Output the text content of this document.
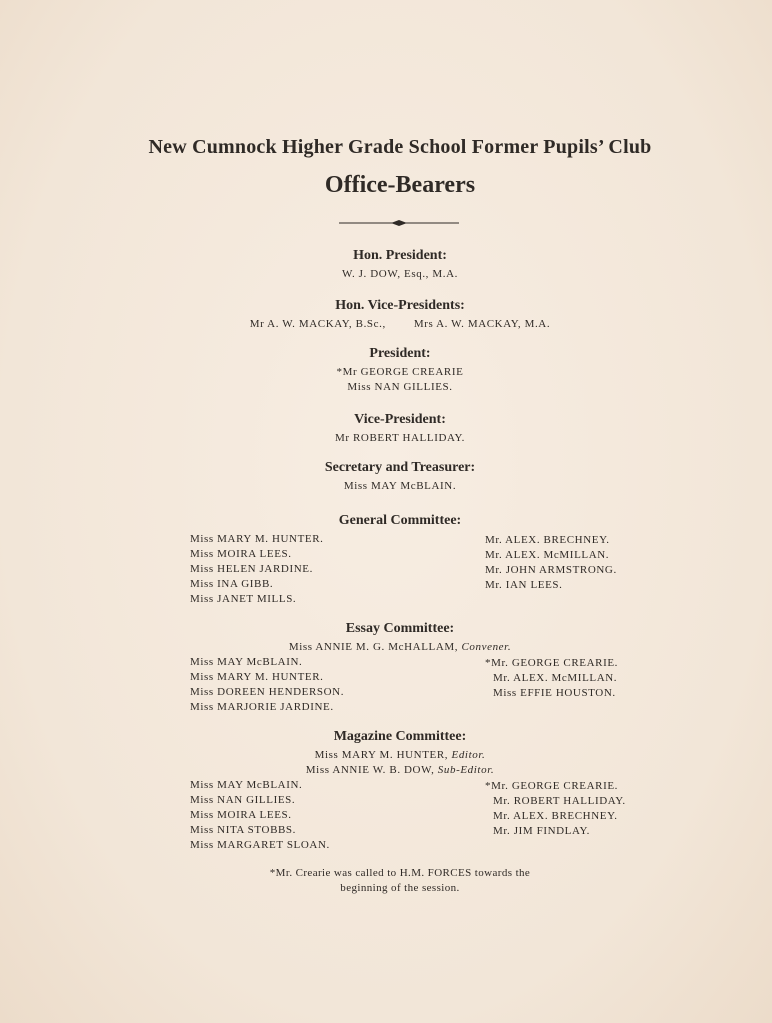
New Cumnock Higher Grade School Former Pupils’ Club
Office-Bearers
Hon. President:
W. J. DOW, Esq., M.A.
Hon. Vice-Presidents:
Mr A. W. MACKAY, B.Sc.,	Mrs A. W. MACKAY, M.A.
President:
*Mr GEORGE CREARIE
Miss NAN GILLIES.
Vice-President:
Mr ROBERT HALLIDAY.
Secretary and Treasurer:
Miss MAY McBLAIN.
General Committee:
Miss MARY M. HUNTER.
Miss MOIRA LEES.
Miss HELEN JARDINE.
Miss INA GIBB.
Miss JANET MILLS.
Mr. ALEX. BRECHNEY.
Mr. ALEX. McMILLAN.
Mr. JOHN ARMSTRONG.
Mr. IAN LEES.
Essay Committee:
Miss ANNIE M. G. McHALLAM, Convener.
Miss MAY McBLAIN.
Miss MARY M. HUNTER.
Miss DOREEN HENDERSON.
Miss MARJORIE JARDINE.
*Mr. GEORGE CREARIE.
Mr. ALEX. McMILLAN.
Miss EFFIE HOUSTON.
Magazine Committee:
Miss MARY M. HUNTER, Editor.
Miss ANNIE W. B. DOW, Sub-Editor.
Miss MAY McBLAIN.
Miss NAN GILLIES.
Miss MOIRA LEES.
Miss NITA STOBBS.
Miss MARGARET SLOAN.
*Mr. GEORGE CREARIE.
Mr. ROBERT HALLIDAY.
Mr. ALEX. BRECHNEY.
Mr. JIM FINDLAY.
*Mr. Crearie was called to H.M. FORCES towards the
beginning of the session.
